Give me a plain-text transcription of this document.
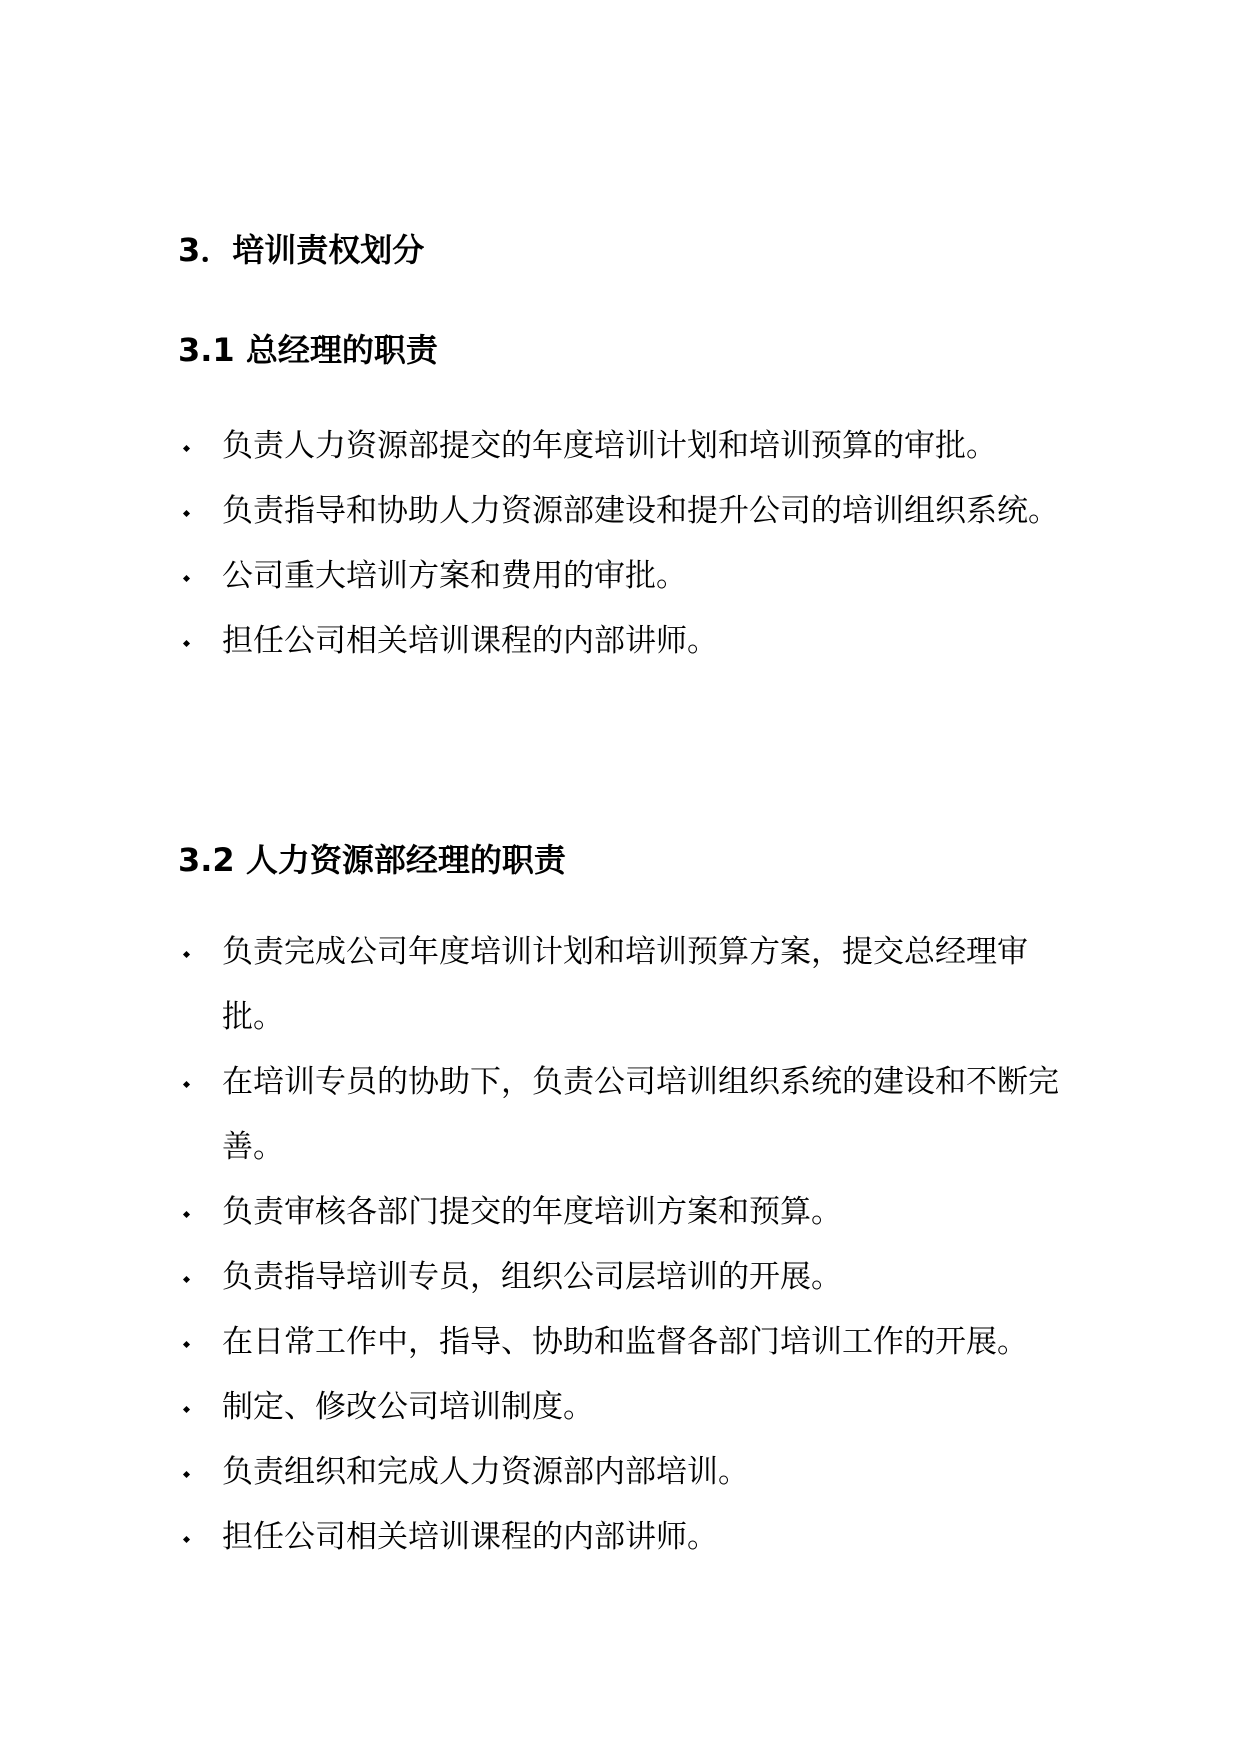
3．培训责权划分
3.1 总经理的职责
负责人力资源部提交的年度培训计划和培训预算的审批。
负责指导和协助人力资源部建设和提升公司的培训组织系统。
公司重大培训方案和费用的审批。
担任公司相关培训课程的内部讲师。
3.2 人力资源部经理的职责
负责完成公司年度培训计划和培训预算方案，提交总经理审批。
在培训专员的协助下，负责公司培训组织系统的建设和不断完善。
负责审核各部门提交的年度培训方案和预算。
负责指导培训专员，组织公司层培训的开展。
在日常工作中，指导、协助和监督各部门培训工作的开展。
制定、修改公司培训制度。
负责组织和完成人力资源部内部培训。
担任公司相关培训课程的内部讲师。
